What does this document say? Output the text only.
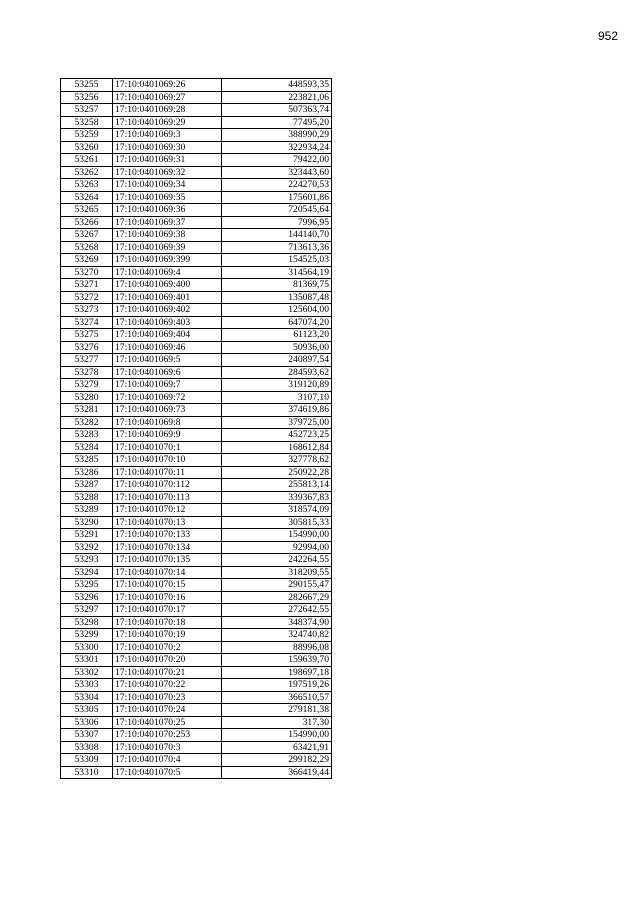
952
53255	17:10:0401069:26	448593,35
53256	17:10:0401069:27	223821,06
53257	17:10:0401069:28	507363,74
53258	17:10:0401069:29	77495,20
53259	17:10:0401069:3	388990,29
53260	17:10:0401069:30	322934,24
53261	17:10:0401069:31	79422,00
53262	17:10:0401069:32	323443,60
53263	17:10:0401069:34	224270,53
53264	17:10:0401069:35	175601,86
53265	17:10:0401069:36	720545,64
53266	17:10:0401069:37	7996,95
53267	17:10:0401069:38	144140,70
53268	17:10:0401069:39	713613,36
53269	17:10:0401069:399	154525,03
53270	17:10:0401069:4	314564,19
53271	17:10:0401069:400	81369,75
53272	17:10:0401069:401	135087,48
53273	17:10:0401069:402	125604,00
53274	17:10:0401069:403	647074,20
53275	17:10:0401069:404	61123,20
53276	17:10:0401069:46	50936,00
53277	17:10:0401069:5	240897,54
53278	17:10:0401069:6	284593,62
53279	17:10:0401069:7	319120,89
53280	17:10:0401069:72	3107,10
53281	17:10:0401069:73	374619,86
53282	17:10:0401069:8	379725,00
53283	17:10:0401069:9	452723,25
53284	17:10:0401070:1	168612,84
53285	17:10:0401070:10	327778,62
53286	17:10:0401070:11	250922,28
53287	17:10:0401070:112	255813,14
53288	17:10:0401070:113	339367,83
53289	17:10:0401070:12	318574,09
53290	17:10:0401070:13	305815,33
53291	17:10:0401070:133	154990,00
53292	17:10:0401070:134	92994,00
53293	17:10:0401070:135	242264,55
53294	17:10:0401070:14	318209,55
53295	17:10:0401070:15	290155,47
53296	17:10:0401070:16	282667,29
53297	17:10:0401070:17	272642,55
53298	17:10:0401070:18	348374,90
53299	17:10:0401070:19	324740,82
53300	17:10:0401070:2	88996,08
53301	17:10:0401070:20	159639,70
53302	17:10:0401070:21	198697,18
53303	17:10:0401070:22	197519,26
53304	17:10:0401070:23	366510,57
53305	17:10:0401070:24	279181,38
53306	17:10:0401070:25	317,30
53307	17:10:0401070:253	154990,00
53308	17:10:0401070:3	63421,91
53309	17:10:0401070:4	299182,29
53310	17:10:0401070:5	366419,44
